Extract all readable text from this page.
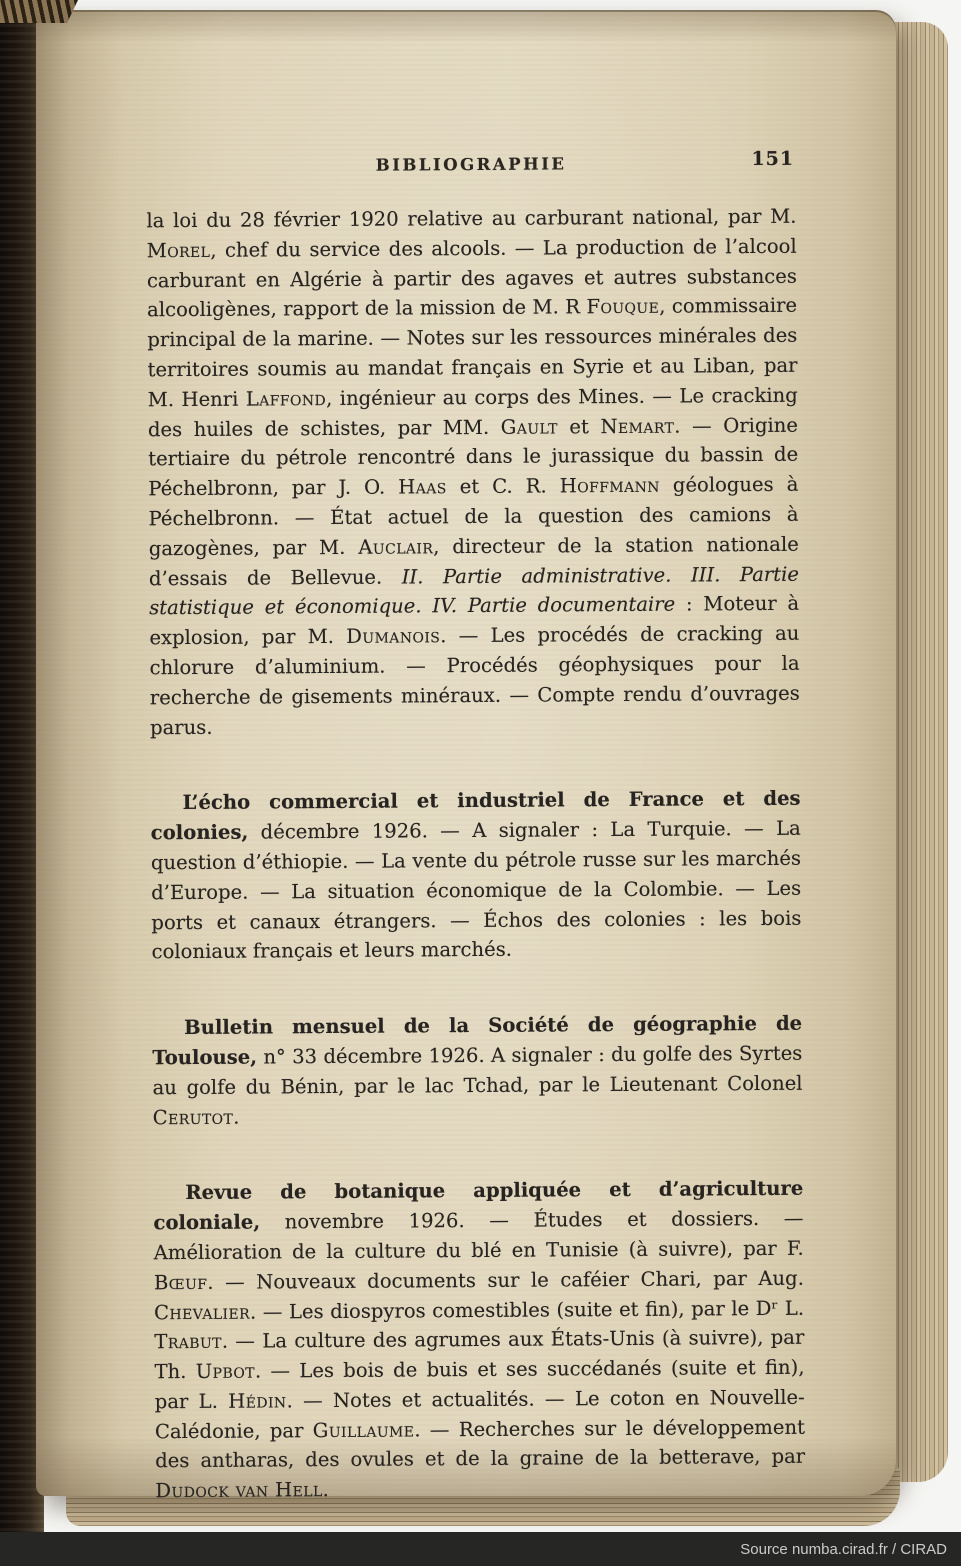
BIBLIOGRAPHIE	151

la loi du 28 février 1920 relative au carburant national, par M. Morel, chef du service des alcools. — La production de l’alcool carburant en Algérie à partir des agaves et autres substances alcooligènes, rapport de la mission de M. R Fouque, commissaire principal de la marine. — Notes sur les ressources minérales des territoires soumis au mandat français en Syrie et au Liban, par M. Henri Laffond, ingénieur au corps des Mines. — Le cracking des huiles de schistes, par MM. Gault et Nemart. — Origine tertiaire du pétrole rencontré dans le jurassique du bassin de Péchelbronn, par J. O. Haas et C. R. Hoffmann géologues à Péchelbronn. — État actuel de la question des camions à gazogènes, par M. Auclair, directeur de la station nationale d’essais de Bellevue. II. Partie administrative. III. Partie statistique et économique. IV. Partie documentaire : Moteur à explosion, par M. Dumanois. — Les procédés de cracking au chlorure d’aluminium. — Procédés géophysiques pour la recherche de gisements minéraux. — Compte rendu d’ouvrages parus.

L’écho commercial et industriel de France et des colonies, décembre 1926. — A signaler : La Turquie. — La question d’éthiopie. — La vente du pétrole russe sur les marchés d’Europe. — La situation économique de la Colombie. — Les ports et canaux étrangers. — Échos des colonies : les bois coloniaux français et leurs marchés.

Bulletin mensuel de la Société de géographie de Toulouse, n° 33 décembre 1926. A signaler : du golfe des Syrtes au golfe du Bénin, par le lac Tchad, par le Lieutenant Colonel Cerutot.

Revue de botanique appliquée et d’agriculture coloniale, novembre 1926. — Études et dossiers. — Amélioration de la culture du blé en Tunisie (à suivre), par F. Bœuf. — Nouveaux documents sur le caféier Chari, par Aug. Chevalier. — Les diospyros comestibles (suite et fin), par le Dʳ L. Trabut. — La culture des agrumes aux États-Unis (à suivre), par Th. Upbot. — Les bois de buis et ses succédanés (suite et fin), par L. Hédin. — Notes et actualités. — Le coton en Nouvelle-Calédonie, par Guillaume. — Recherches sur le développement des antharas, des ovules et de la graine de la betterave, par Dudock van Hell.

Source numba.cirad.fr / CIRAD
